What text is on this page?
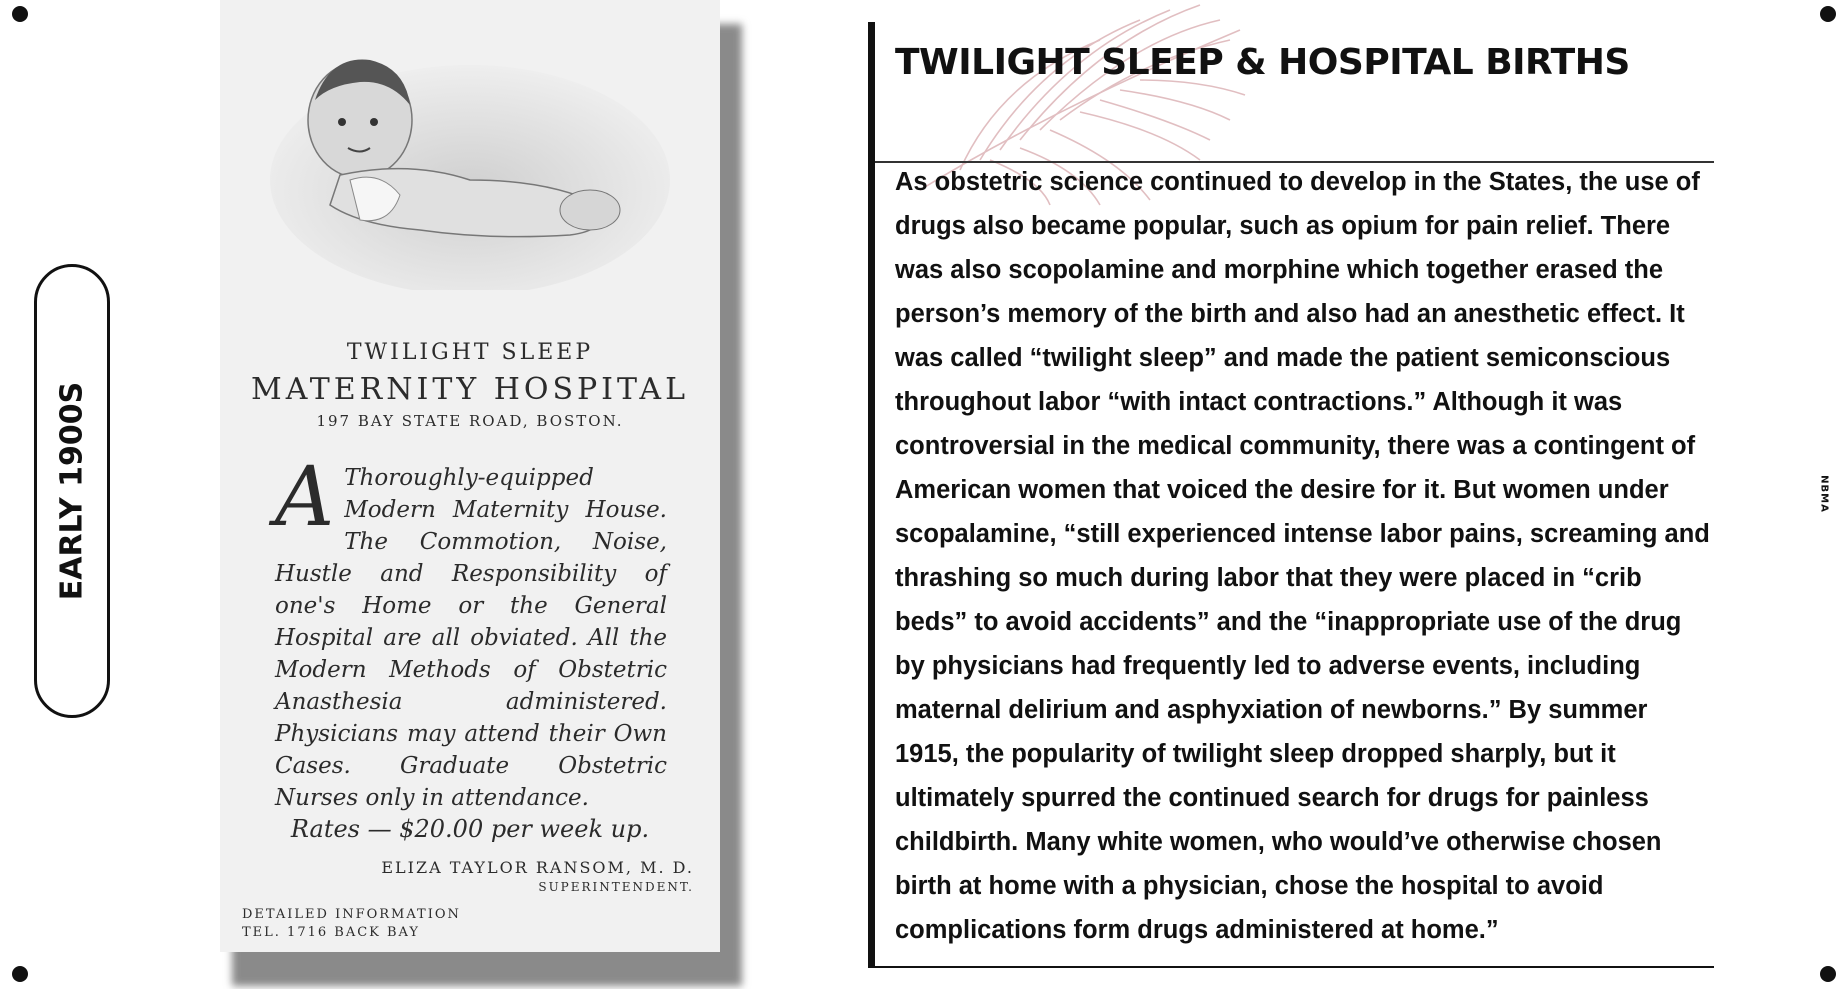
EARLY 1900S
TWILIGHT SLEEP
MATERNITY HOSPITAL
197 BAY STATE ROAD, BOSTON.
A Thoroughly-equipped Modern Maternity House. The Commotion, Noise, Hustle and Responsibility of one's Home or the General Hospital are all obviated. All the Modern Methods of Obstetric Anasthesia administered. Physicians may attend their Own Cases. Graduate Obstetric Nurses only in attendance.
Rates — $20.00 per week up.
ELIZA TAYLOR RANSOM, M. D.
SUPERINTENDENT.
DETAILED INFORMATION
TEL. 1716 BACK BAY
TWILIGHT SLEEP & HOSPITAL BIRTHS

As obstetric science continued to develop in the States, the use of drugs also became popular, such as opium for pain relief. There was also scopolamine and morphine which together erased the person’s memory of the birth and also had an anesthetic effect. It was called “twilight sleep” and made the patient semiconscious throughout labor “with intact contractions.” Although it was controversial in the medical community, there was a contingent of American women that voiced the desire for it. But women under scopalamine, “still experienced intense labor pains, screaming and thrashing so much during labor that they were placed in “crib beds” to avoid accidents” and the “inappropriate use of the drug by physicians had frequently led to adverse events, including maternal delirium and asphyxiation of newborns.” By summer 1915, the popularity of twilight sleep dropped sharply, but it ultimately spurred the continued search for drugs for painless childbirth. Many white women, who would’ve otherwise chosen birth at home with a physician, chose the hospital to avoid complications form drugs administered at home.”

NBMA
